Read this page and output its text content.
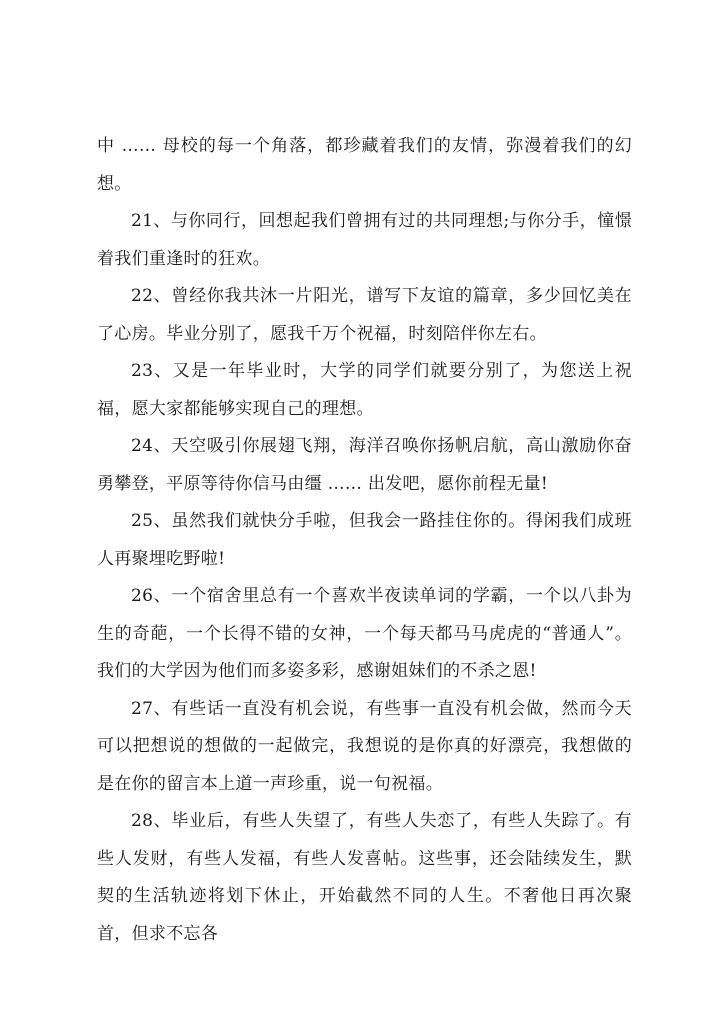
中 …… 母校的每一个角落，都珍藏着我们的友情，弥漫着我们的幻想。

21、与你同行，回想起我们曾拥有过的共同理想;与你分手，憧憬着我们重逢时的狂欢。

22、曾经你我共沐一片阳光，谱写下友谊的篇章，多少回忆美在了心房。毕业分别了，愿我千万个祝福，时刻陪伴你左右。

23、又是一年毕业时，大学的同学们就要分别了，为您送上祝福，愿大家都能够实现自己的理想。

24、天空吸引你展翅飞翔，海洋召唤你扬帆启航，高山激励你奋勇攀登，平原等待你信马由缰 …… 出发吧，愿你前程无量!

25、虽然我们就快分手啦，但我会一路挂住你的。得闲我们成班人再聚埋吃野啦!

26、一个宿舍里总有一个喜欢半夜读单词的学霸，一个以八卦为生的奇葩，一个长得不错的女神，一个每天都马马虎虎的“普通人”。我们的大学因为他们而多姿多彩，感谢姐妹们的不杀之恩!

27、有些话一直没有机会说，有些事一直没有机会做，然而今天可以把想说的想做的一起做完，我想说的是你真的好漂亮，我想做的是在你的留言本上道一声珍重，说一句祝福。

28、毕业后，有些人失望了，有些人失恋了，有些人失踪了。有些人发财，有些人发福，有些人发喜帖。这些事，还会陆续发生，默契的生活轨迹将划下休止，开始截然不同的人生。不奢他日再次聚首，但求不忘各
